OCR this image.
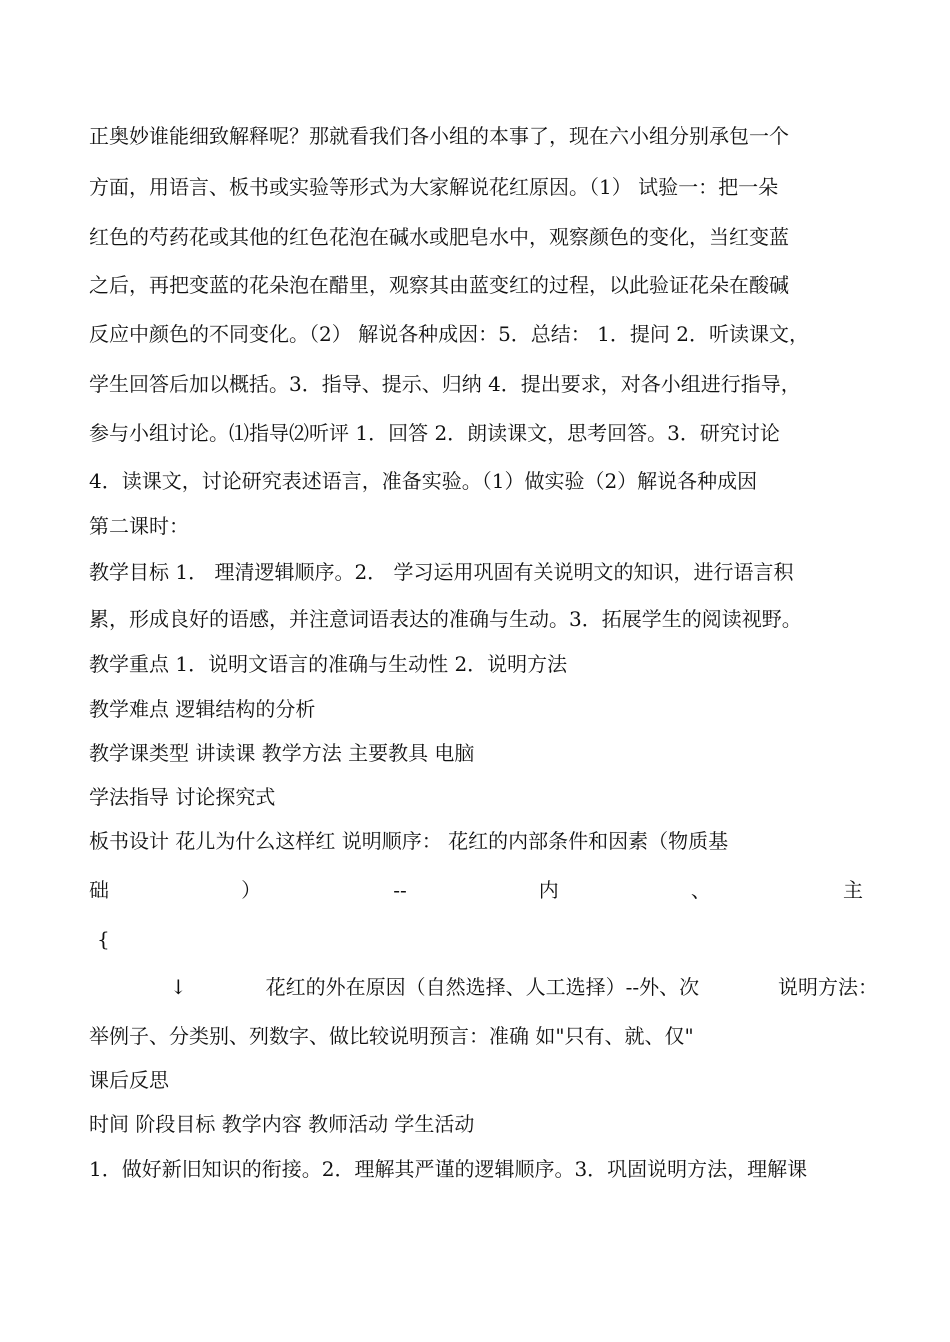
正奥妙谁能细致解释呢？那就看我们各小组的本事了，现在六小组分别承包一个
方面，用语言、板书或实验等形式为大家解说花红原因。（1） 试验一：把一朵
红色的芍药花或其他的红色花泡在碱水或肥皂水中，观察颜色的变化，当红变蓝
之后，再把变蓝的花朵泡在醋里，观察其由蓝变红的过程，以此验证花朵在酸碱
反应中颜色的不同变化。（2） 解说各种成因：5．总结： 1．提问 2．听读课文，
学生回答后加以概括。3．指导、提示、归纳 4．提出要求，对各小组进行指导，
参与小组讨论。⑴指导⑵听评 1．回答 2．朗读课文，思考回答。3．研究讨论
4．读课文，讨论研究表述语言，准备实验。（1）做实验（2）解说各种成因
第二课时：
教学目标 1． 理清逻辑顺序。2． 学习运用巩固有关说明文的知识，进行语言积
累，形成良好的语感，并注意词语表达的准确与生动。3．拓展学生的阅读视野。
教学重点 1．说明文语言的准确与生动性 2．说明方法
教学难点 逻辑结构的分析
教学课类型 讲读课 教学方法 主要教具 电脑
学法指导 讨论探究式
板书设计 花儿为什么这样红 说明顺序： 花红的内部条件和因素（物质基
础	）	--	内	、	主
{
↓	花红的外在原因（自然选择、人工选择）--外、次	说明方法：
举例子、分类别、列数字、做比较说明预言：准确 如"只有、就、仅"
课后反思
时间 阶段目标 教学内容 教师活动 学生活动
1．做好新旧知识的衔接。2．理解其严谨的逻辑顺序。3．巩固说明方法，理解课
